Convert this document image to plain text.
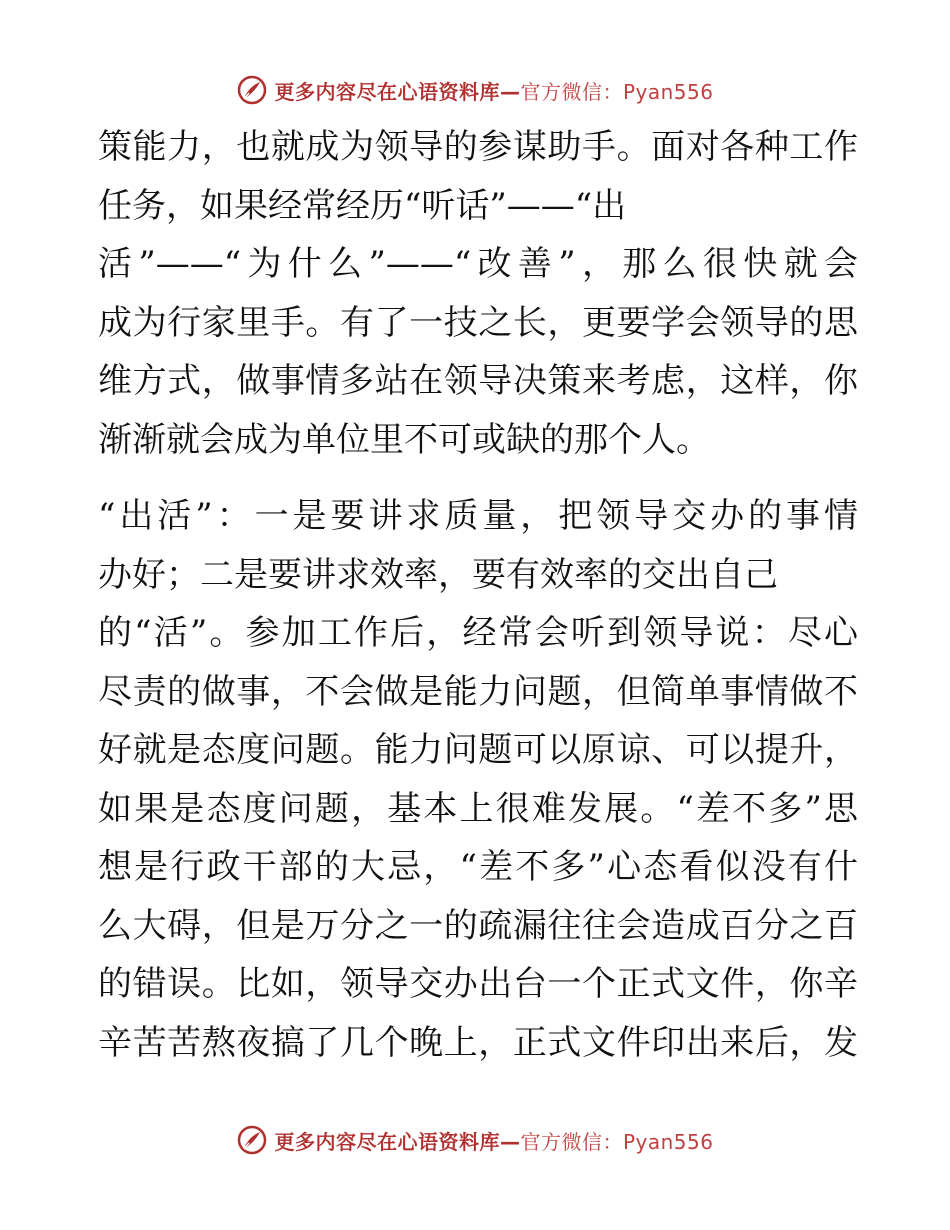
更多内容尽在心语资料库—官方微信：Pyan556

策能力，也就成为领导的参谋助手。面对各种工作
任务，如果经常经历“听话”——“出
活”——“为什么”——“改善”，那么很快就会
成为行家里手。有了一技之长，更要学会领导的思
维方式，做事情多站在领导决策来考虑，这样，你
渐渐就会成为单位里不可或缺的那个人。

“出活”：一是要讲求质量，把领导交办的事情
办好；二是要讲求效率，要有效率的交出自己
的“活”。参加工作后，经常会听到领导说：尽心
尽责的做事，不会做是能力问题，但简单事情做不
好就是态度问题。能力问题可以原谅、可以提升，
如果是态度问题，基本上很难发展。“差不多”思
想是行政干部的大忌，“差不多”心态看似没有什
么大碍，但是万分之一的疏漏往往会造成百分之百
的错误。比如，领导交办出台一个正式文件，你辛
辛苦苦熬夜搞了几个晚上，正式文件印出来后，发

更多内容尽在心语资料库—官方微信：Pyan556
